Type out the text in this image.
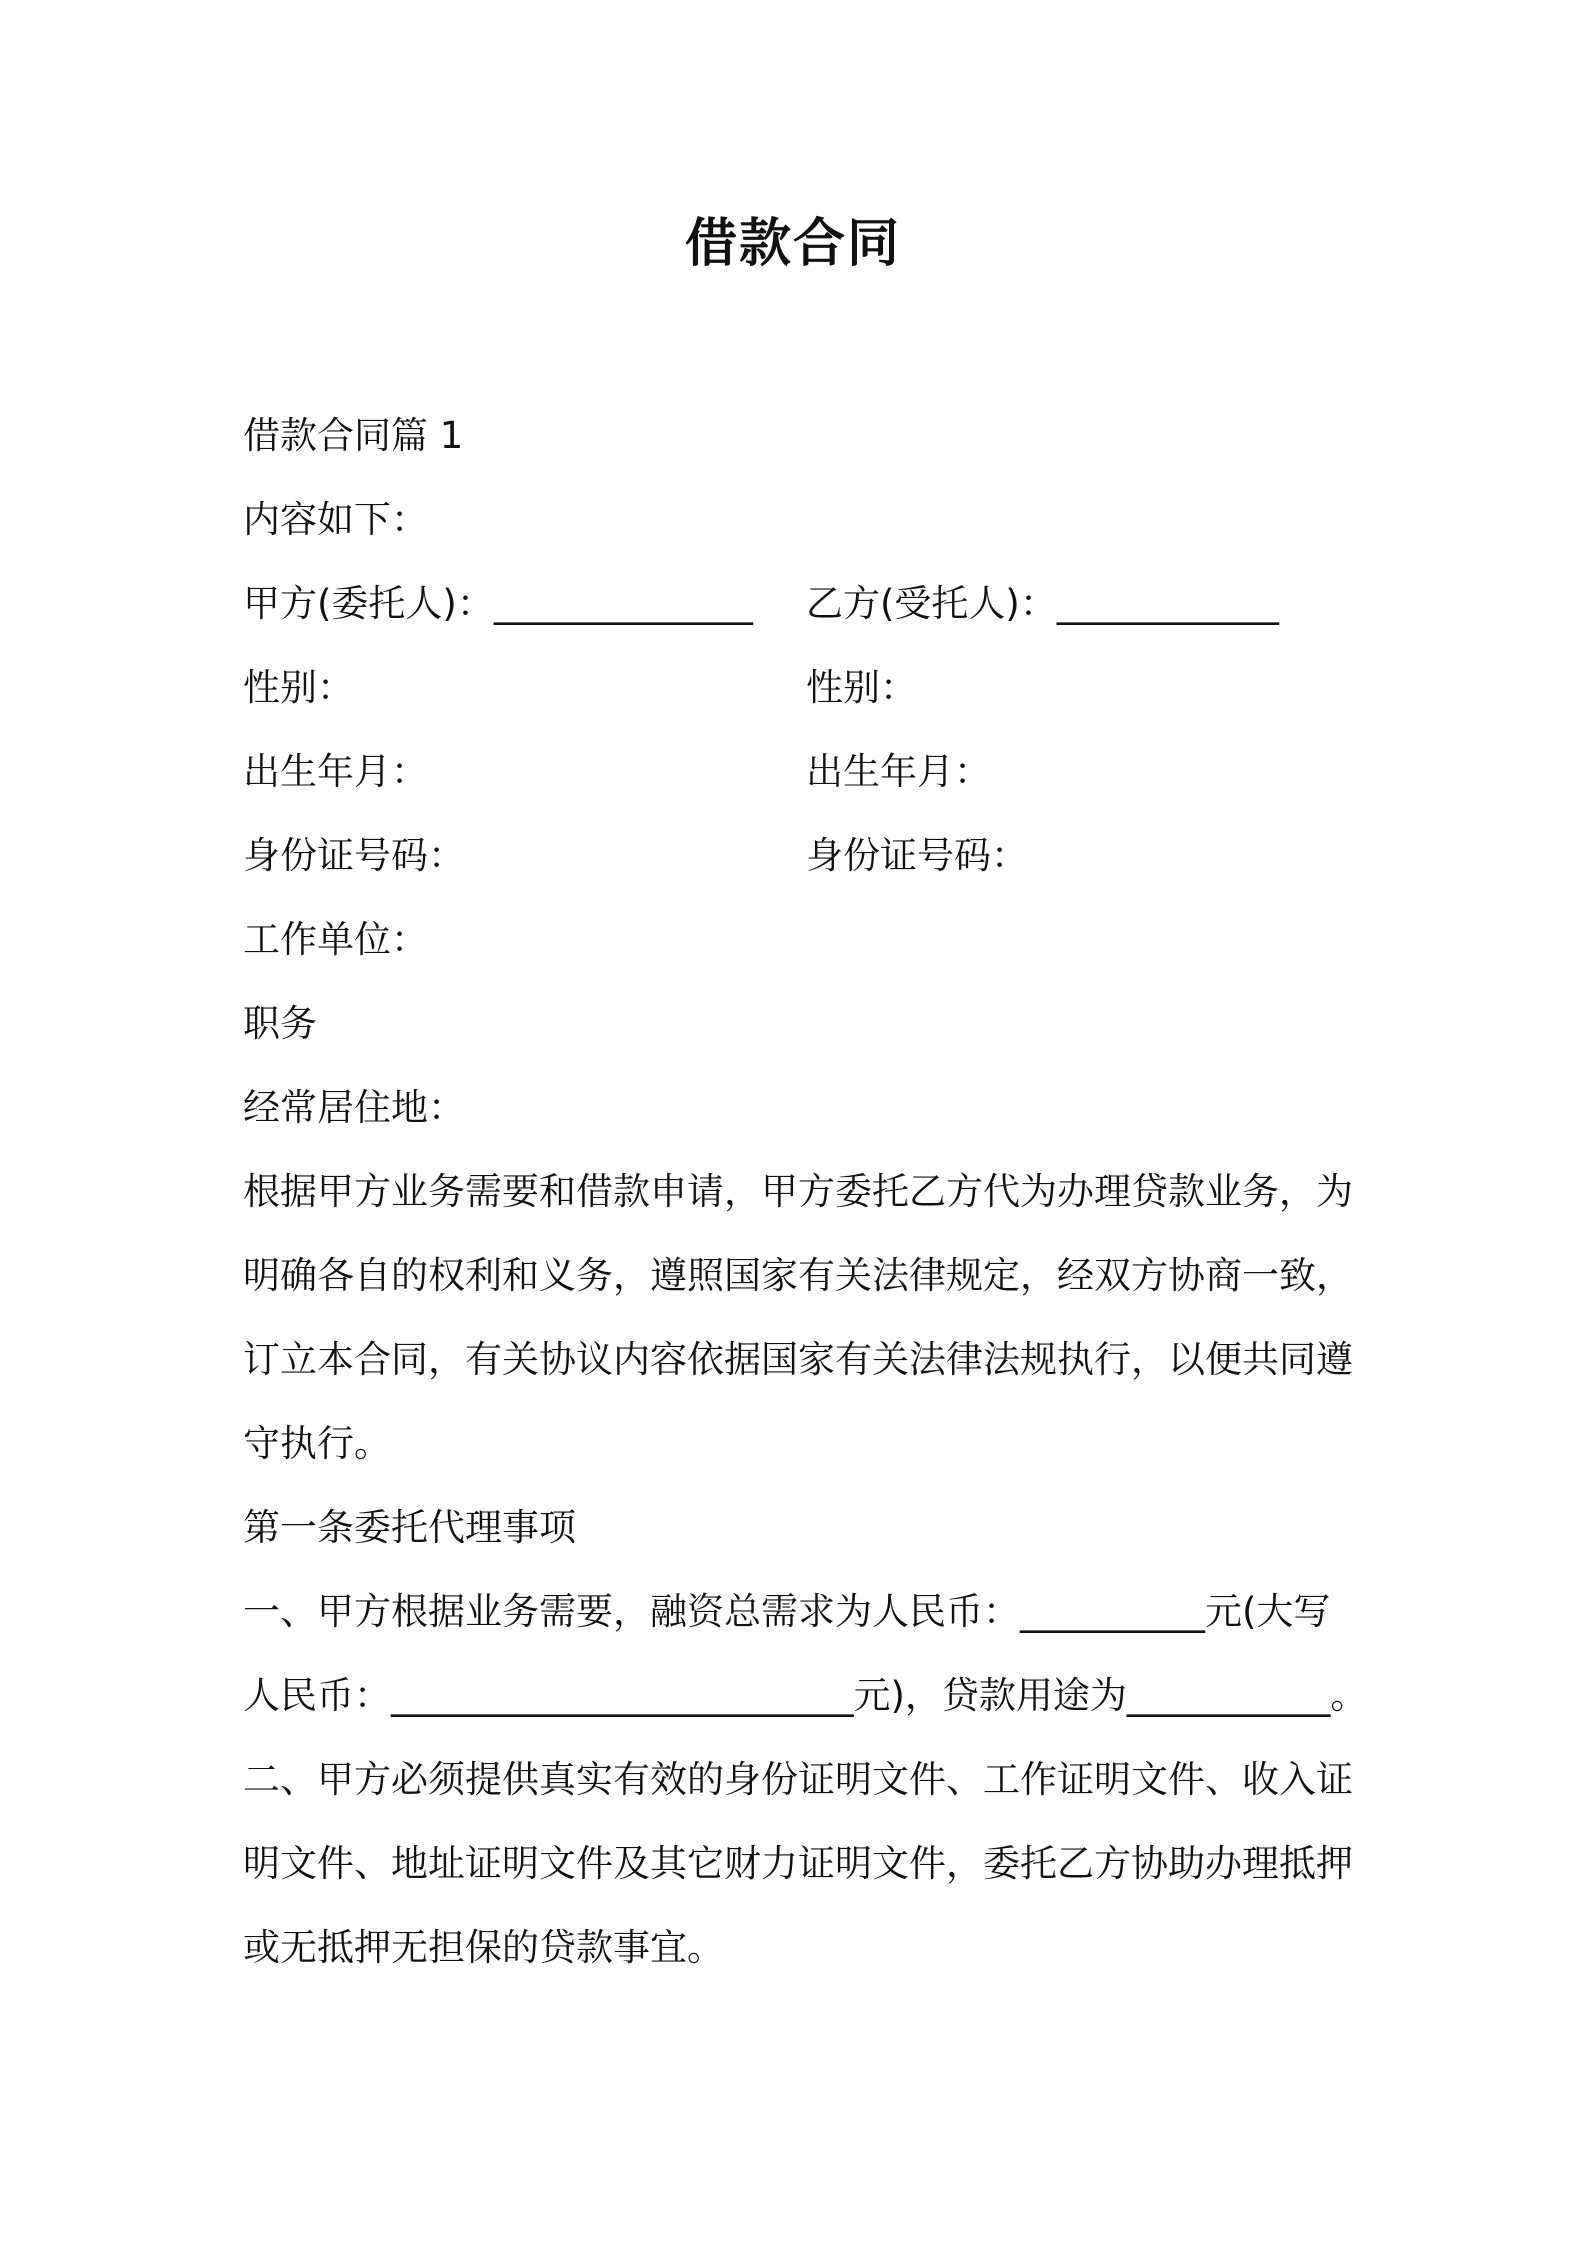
借款合同
借款合同篇 1
内容如下：
甲方(委托人)：______________ 乙方(受托人)：____________
性别：	性别：
出生年月：	出生年月：
身份证号码：	身份证号码：
工作单位：
职务
经常居住地：
根据甲方业务需要和借款申请，甲方委托乙方代为办理贷款业务，为
明确各自的权利和义务，遵照国家有关法律规定，经双方协商一致，
订立本合同，有关协议内容依据国家有关法律法规执行，以便共同遵
守执行。
第一条委托代理事项
一、甲方根据业务需要，融资总需求为人民币：__________元(大写
人民币：_________________________元)，贷款用途为___________。
二、甲方必须提供真实有效的身份证明文件、工作证明文件、收入证
明文件、地址证明文件及其它财力证明文件，委托乙方协助办理抵押
或无抵押无担保的贷款事宜。
